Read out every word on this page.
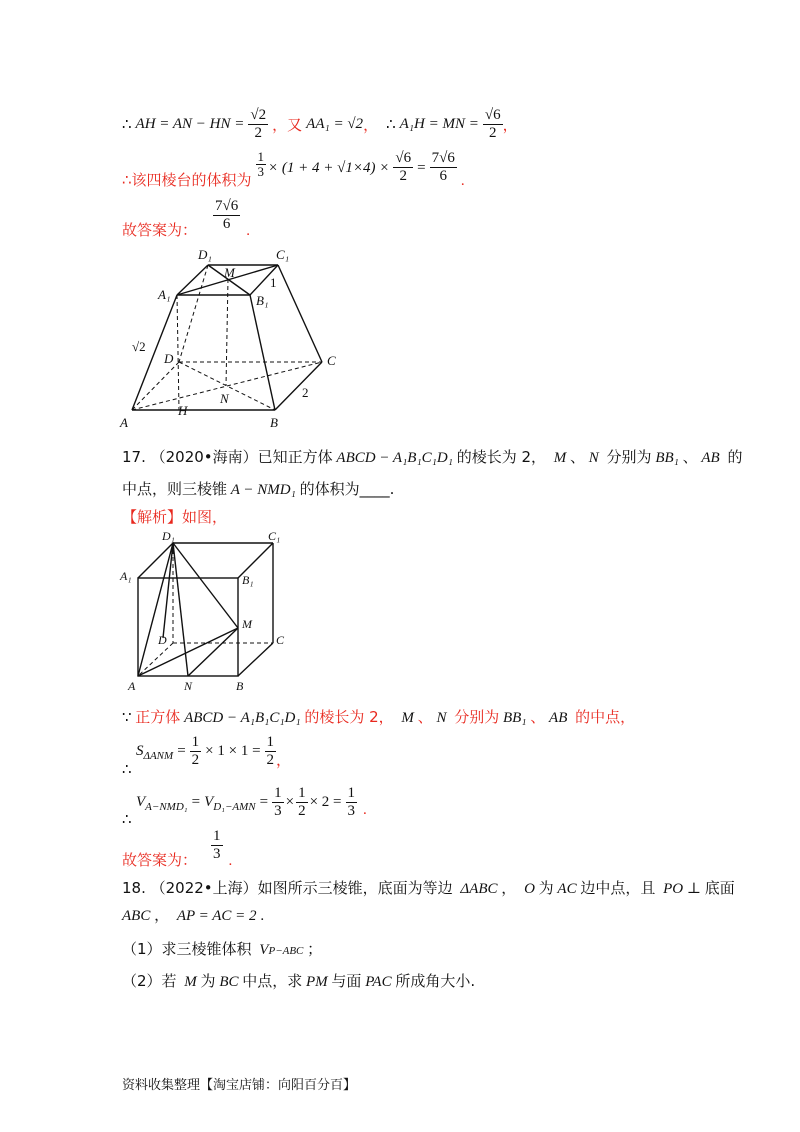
∴ AH = AN − HN = $\frac{√2}{2}$ ，又 AA₁ = √2 ， ∴ A₁H = MN = $\frac{√6}{2}$ ，
∴该四棱台的体积为
$\frac{1}{3} \times (1 + 4 + √1\times 4) \times \frac{√6}{2} = \frac{7√6}{6}$ .
故答案为： $\frac{7√6}{6}$ .
D₁
M
C₁
A₁	B₁
1
√2
D	C
N	2
A
H
B
17. （2020•海南）已知正方体 ABCD − A₁B₁C₁D₁ 的棱长为 2， M 、 N 分别为 BB₁ 、 AB 的
中点，则三棱锥 A − NMD₁ 的体积为____.
【解析】如图，
D₁	C₁
A₁	B₁
M
D	C
A	N	B
∵ 正方体 ABCD − A₁B₁C₁D₁ 的棱长为 2， M 、 N 分别为 BB₁ 、 AB 的中点，
S $\Delta ANM = \frac{1}{2} \times 1 \times 1 = \frac{1}{2}$ ，
∴
V A−NMD₁ = V $D_1-AMN = \frac{1}{3} \times \frac{1}{2} \times 2 = \frac{1}{3}$ .
∴
故答案为： $\frac{1}{3}$ .
18. （2022•上海）如图所示三棱锥，底面为等边 ΔABC ， O 为 AC 边中点，且 PO ⊥ 底面
ABC ， AP = AC = 2 .
（1）求三棱锥体积 VP−ABC ；
（2）若 M 为 BC 中点，求 PM 与面 PAC 所成角大小.
资料收集整理【淘宝店铺：向阳百分百】
